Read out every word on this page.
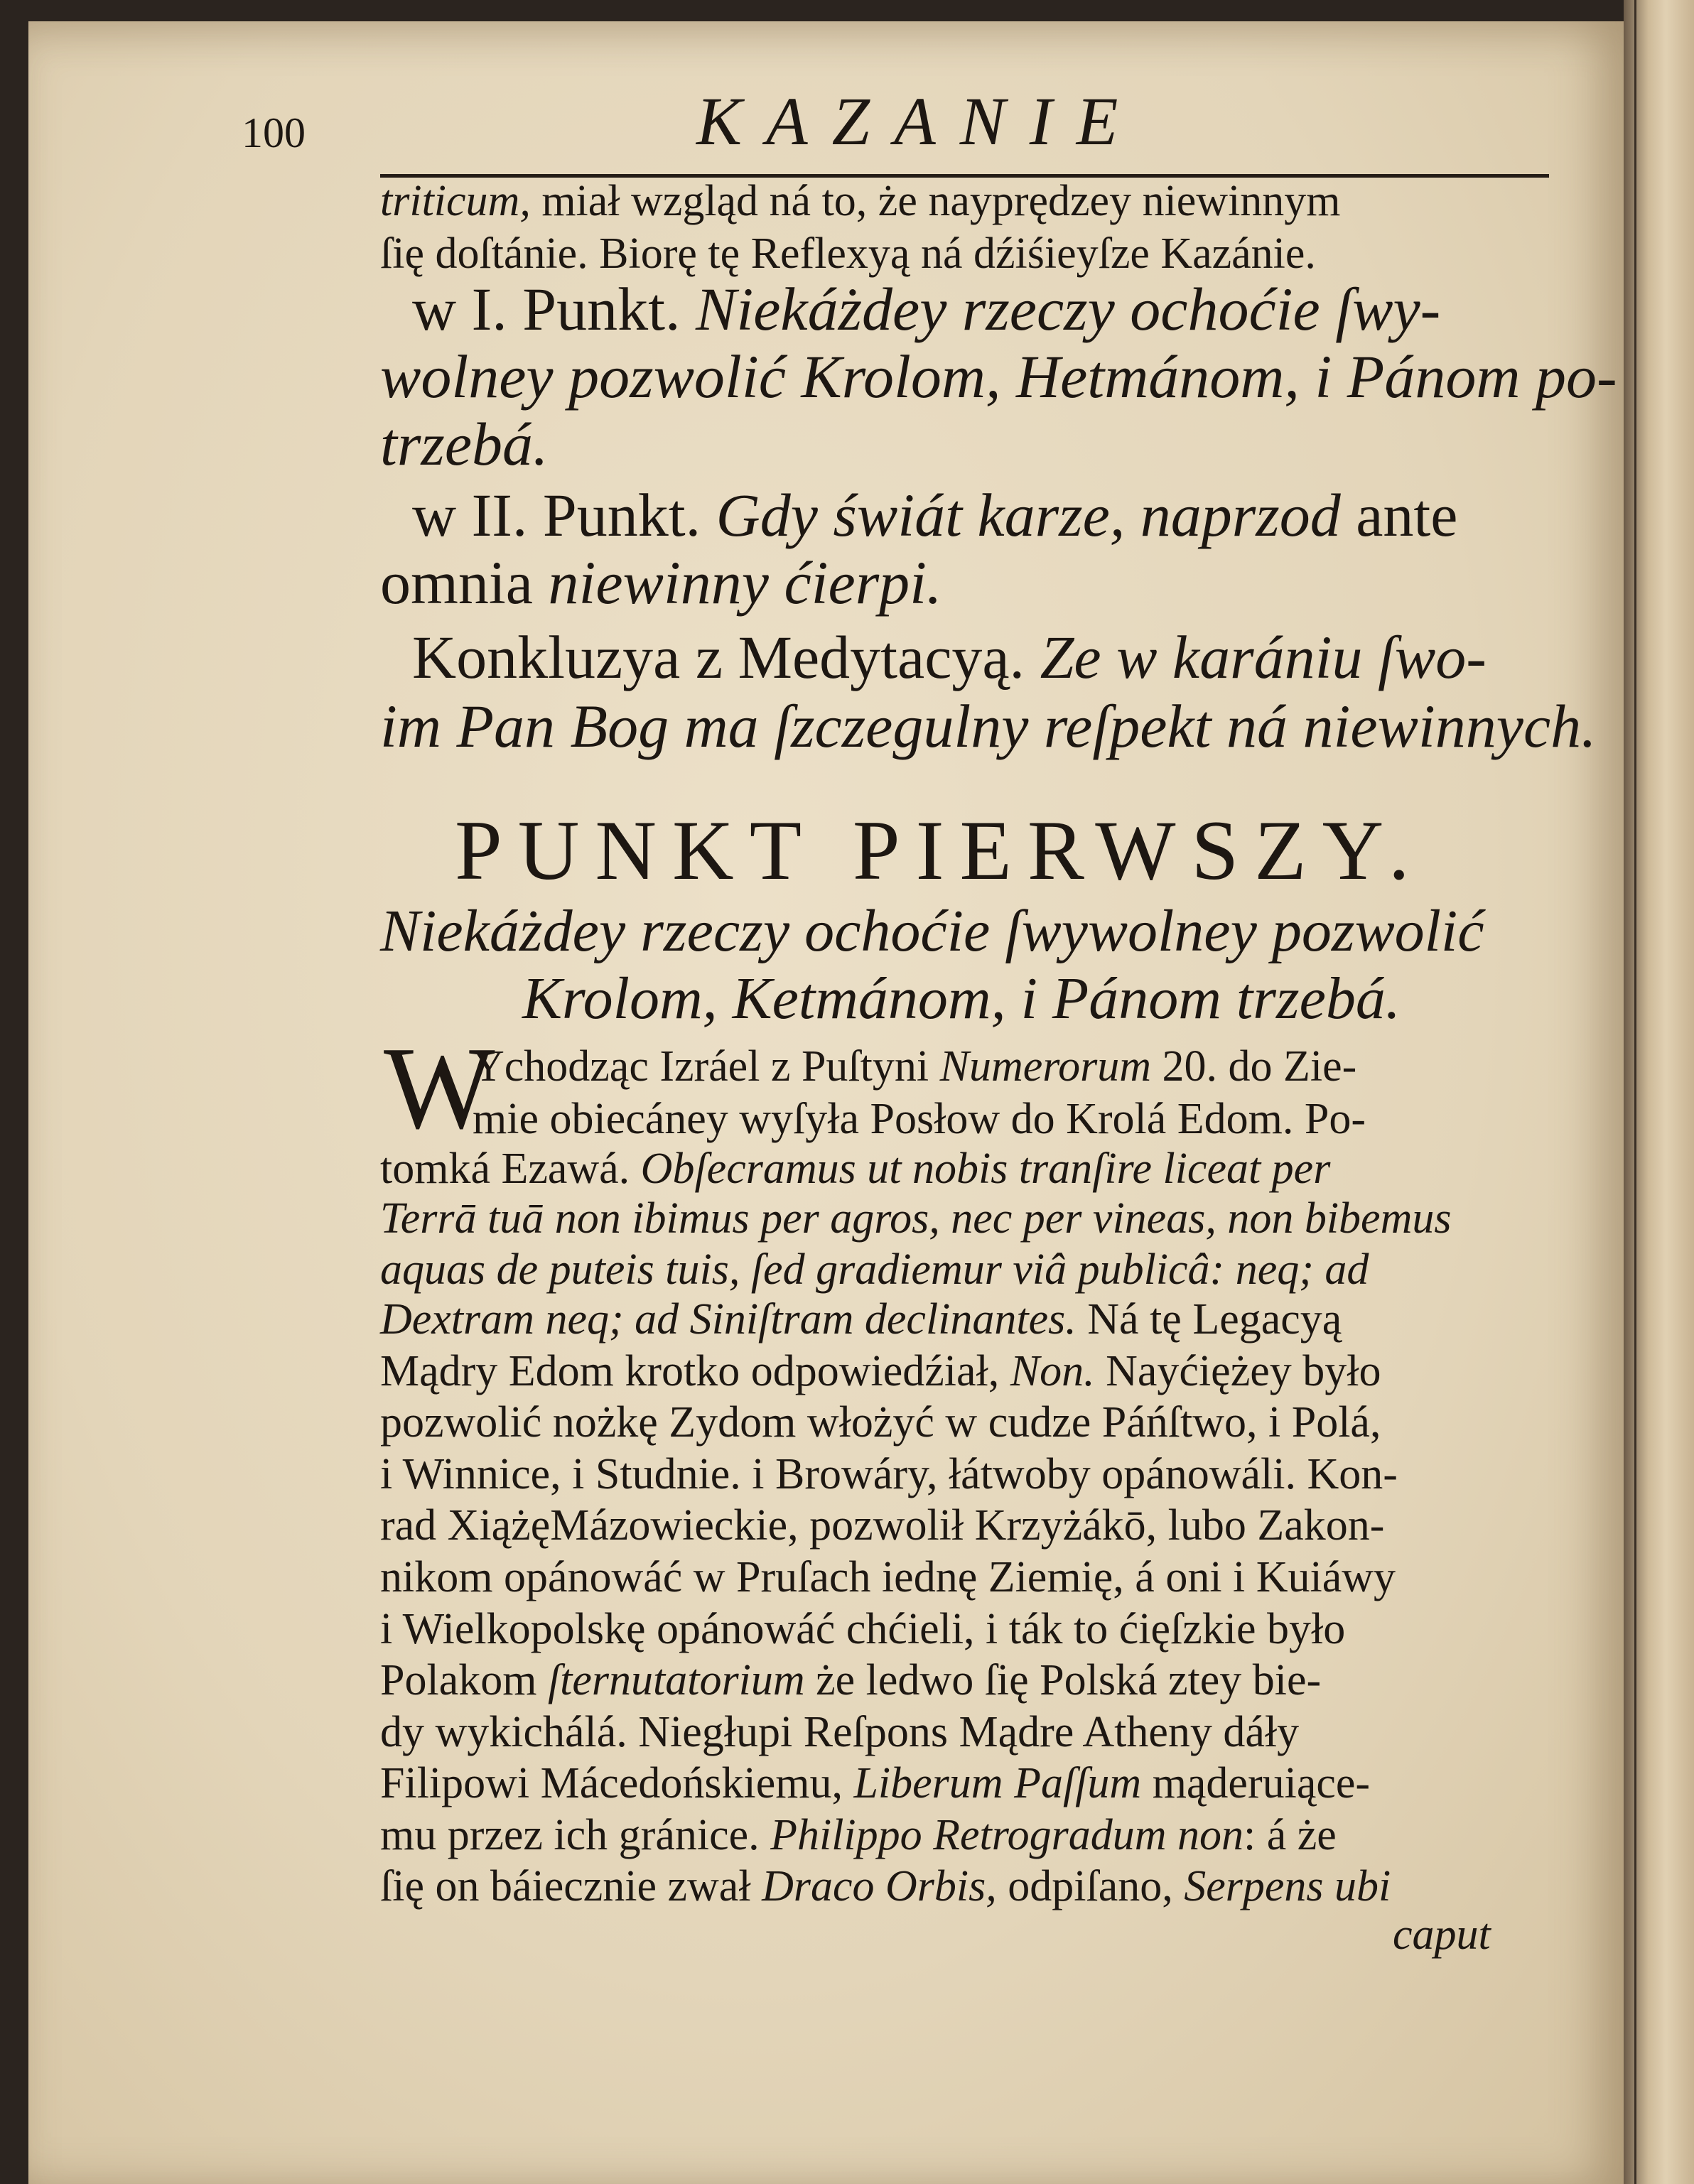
100	KAZANIE
triticum, miał wzgląd ná to, że nayprędzey niewinnym
ſię doſtánie. Biorę tę Reflexyą ná dźiśieyſze Kazánie.
w I. Punkt. Niekáżdey rzeczy ochoćie ſwy-
wolney pozwolić Krolom, Hetmánom, i Pánom po-
trzebá.
w II. Punkt. Gdy świát karze, naprzod ante
omnia niewinny ćierpi.
Konkluzya z Medytacyą. Ze w karániu ſwo-
im Pan Bog ma ſzczegulny reſpekt ná niewinnych.
PUNKT PIERWSZY.
Niekáżdey rzeczy ochoćie ſwywolney pozwolić
Krolom, Ketmánom, i Pánom trzebá.
W
Ychodząc Izráel z Puſtyni Numerorum 20. do Zie-
mie obiecáney wyſyła Posłow do Krolá Edom. Po-
tomká Ezawá. Obſecramus ut nobis tranſire liceat per
Terrā tuā non ibimus per agros, nec per vineas, non bibemus
aquas de puteis tuis, ſed gradiemur viâ publicâ: neq; ad
Dextram neq; ad Siniſtram declinantes. Ná tę Legacyą
Mądry Edom krotko odpowiedźiał, Non. Nayćiężey było
pozwolić nożkę Zydom włożyć w cudze Páńſtwo, i Polá,
i Winnice, i Studnie. i Browáry, łátwoby opánowáli. Kon-
rad XiążęMázowieckie, pozwolił Krzyżákō, lubo Zakon-
nikom opánowáć w Pruſach iednę Ziemię, á oni i Kuiáwy
i Wielkopolskę opánowáć chćieli, i ták to ćięſzkie było
Polakom ſternutatorium że ledwo ſię Polská ztey bie-
dy wykichálá. Niegłupi Reſpons Mądre Atheny dáły
Filipowi Mácedońskiemu, Liberum Paſſum mąderuiące-
mu przez ich gránice. Philippo Retrogradum non: á że
ſię on báiecznie zwał Draco Orbis, odpiſano, Serpens ubi
caput
